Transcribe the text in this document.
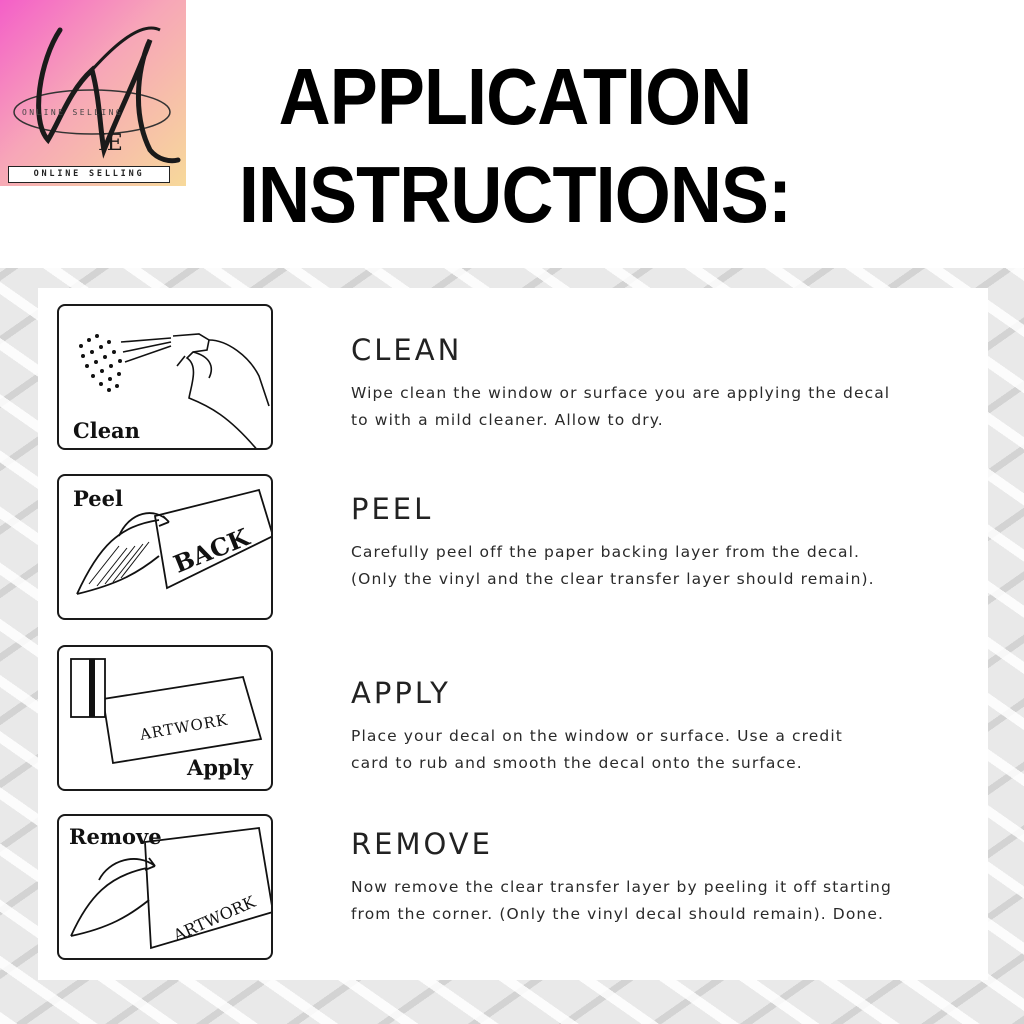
IE
ONLINE SELLING
ONLINE SELLING
APPLICATION
INSTRUCTIONS:
Clean
CLEAN
Wipe clean the window or surface you are applying the decal
to with a mild cleaner. Allow to dry.
BACK
Peel	PEEL
Carefully peel off the paper backing layer from the decal.
(Only the vinyl and the clear transfer layer should remain).
ARTWORK
Apply
APPLY
Place your decal on the window or surface. Use a credit
card to rub and smooth the decal onto the surface.
ARTWORK
Remove	REMOVE
Now remove the clear transfer layer by peeling it off starting
from the corner. (Only the vinyl decal should remain). Done.
